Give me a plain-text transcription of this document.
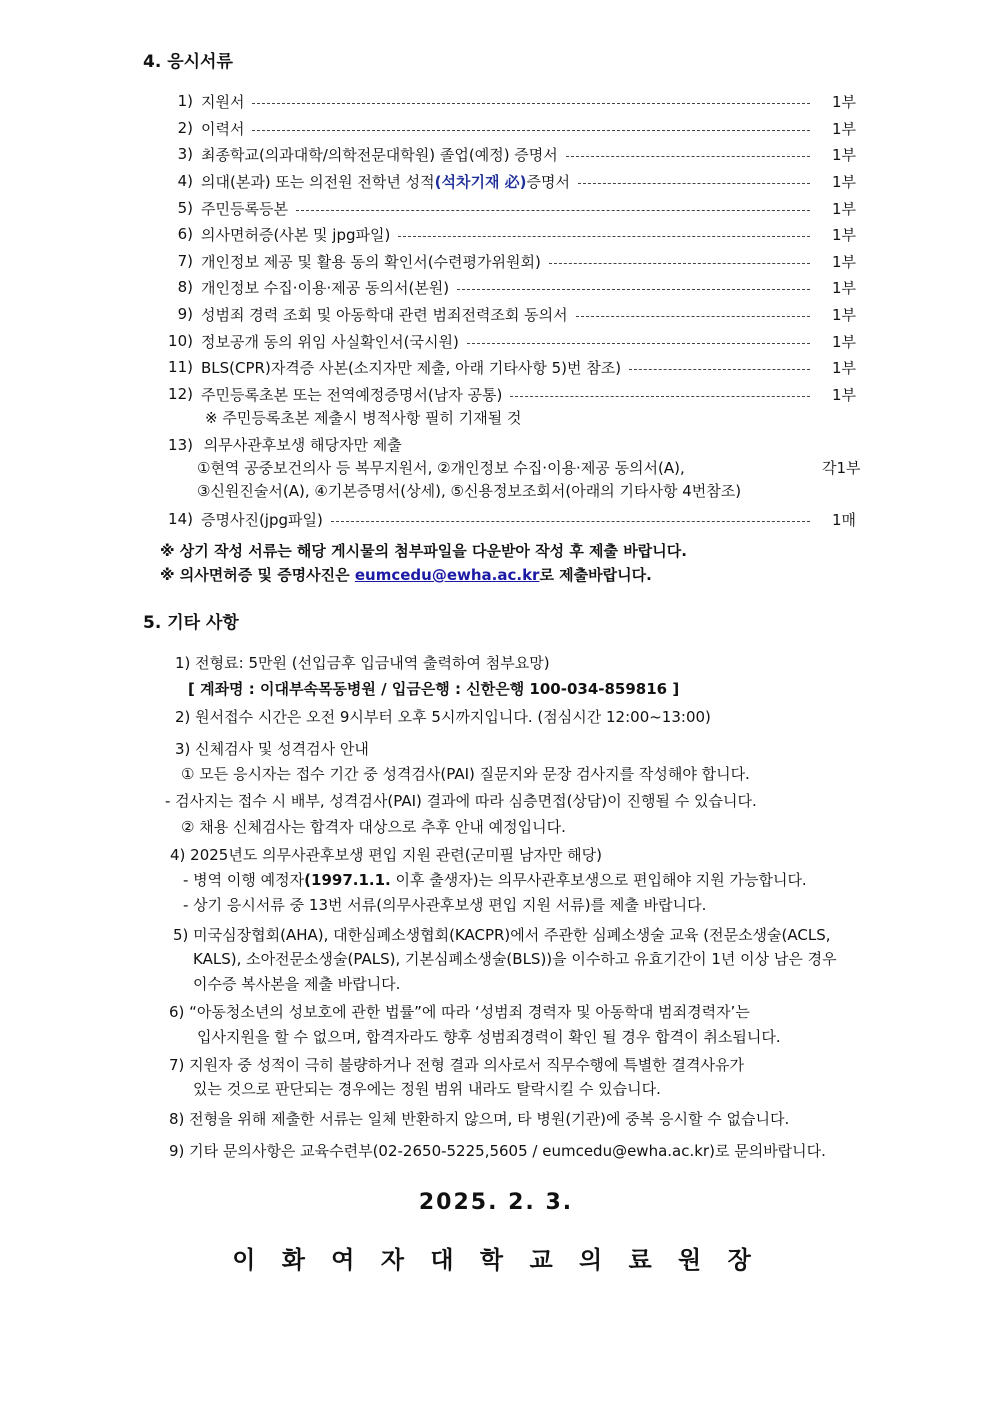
4. 응시서류
1) 지원서	1부
2) 이력서	1부
3) 최종학교(의과대학/의학전문대학원) 졸업(예정) 증명서	1부
4) 의대(본과) 또는 의전원 전학년 성적(석차기재 必)증명서	1부
5) 주민등록등본	1부
6) 의사면허증(사본 및 jpg파일)	1부
7) 개인정보 제공 및 활용 동의 확인서(수련평가위원회)	1부
8) 개인정보 수집·이용·제공 동의서(본원)	1부
9) 성범죄 경력 조회 및 아동학대 관련 범죄전력조회 동의서	1부
10) 정보공개 동의 위임 사실확인서(국시원)	1부
11) BLS(CPR)자격증 사본(소지자만 제출, 아래 기타사항 5)번 참조)	1부
12) 주민등록초본 또는 전역예정증명서(남자 공통)	1부
※ 주민등록초본 제출시 병적사항 필히 기재될 것
13) 의무사관후보생 해당자만 제출
①현역 공중보건의사 등 복무지원서, ②개인정보 수집·이용·제공 동의서(A),	각1부
③신원진술서(A), ④기본증명서(상세), ⑤신용정보조회서(아래의 기타사항 4번참조)
14) 증명사진(jpg파일)	1매
※ 상기 작성 서류는 해당 게시물의 첨부파일을 다운받아 작성 후 제출 바랍니다.
※ 의사면허증 및 증명사진은 eumcedu@ewha.ac.kr로 제출바랍니다.
5. 기타 사항
1) 전형료: 5만원 (선입금후 입금내역 출력하여 첨부요망)
[ 계좌명 : 이대부속목동병원 / 입금은행 : 신한은행 100-034-859816 ]
2) 원서접수 시간은 오전 9시부터 오후 5시까지입니다. (점심시간 12:00~13:00)
3) 신체검사 및 성격검사 안내
① 모든 응시자는 접수 기간 중 성격검사(PAI) 질문지와 문장 검사지를 작성해야 합니다.
- 검사지는 접수 시 배부, 성격검사(PAI) 결과에 따라 심층면접(상담)이 진행될 수 있습니다.
② 채용 신체검사는 합격자 대상으로 추후 안내 예정입니다.
4) 2025년도 의무사관후보생 편입 지원 관련(군미필 남자만 해당)
- 병역 이행 예정자(1997.1.1. 이후 출생자)는 의무사관후보생으로 편입해야 지원 가능합니다.
- 상기 응시서류 중 13번 서류(의무사관후보생 편입 지원 서류)를 제출 바랍니다.
5) 미국심장협회(AHA), 대한심폐소생협회(KACPR)에서 주관한 심폐소생술 교육 (전문소생술(ACLS,
KALS), 소아전문소생술(PALS), 기본심폐소생술(BLS))을 이수하고 유효기간이 1년 이상 남은 경우
이수증 복사본을 제출 바랍니다.
6) “아동청소년의 성보호에 관한 법률”에 따라 ‘성범죄 경력자 및 아동학대 범죄경력자’는
입사지원을 할 수 없으며, 합격자라도 향후 성범죄경력이 확인 될 경우 합격이 취소됩니다.
7) 지원자 중 성적이 극히 불량하거나 전형 결과 의사로서 직무수행에 특별한 결격사유가
있는 것으로 판단되는 경우에는 정원 범위 내라도 탈락시킬 수 있습니다.
8) 전형을 위해 제출한 서류는 일체 반환하지 않으며, 타 병원(기관)에 중복 응시할 수 없습니다.
9) 기타 문의사항은 교육수련부(02-2650-5225,5605 / eumcedu@ewha.ac.kr)로 문의바랍니다.
2025. 2. 3.
이 화 여 자 대 학 교 의 료 원 장
